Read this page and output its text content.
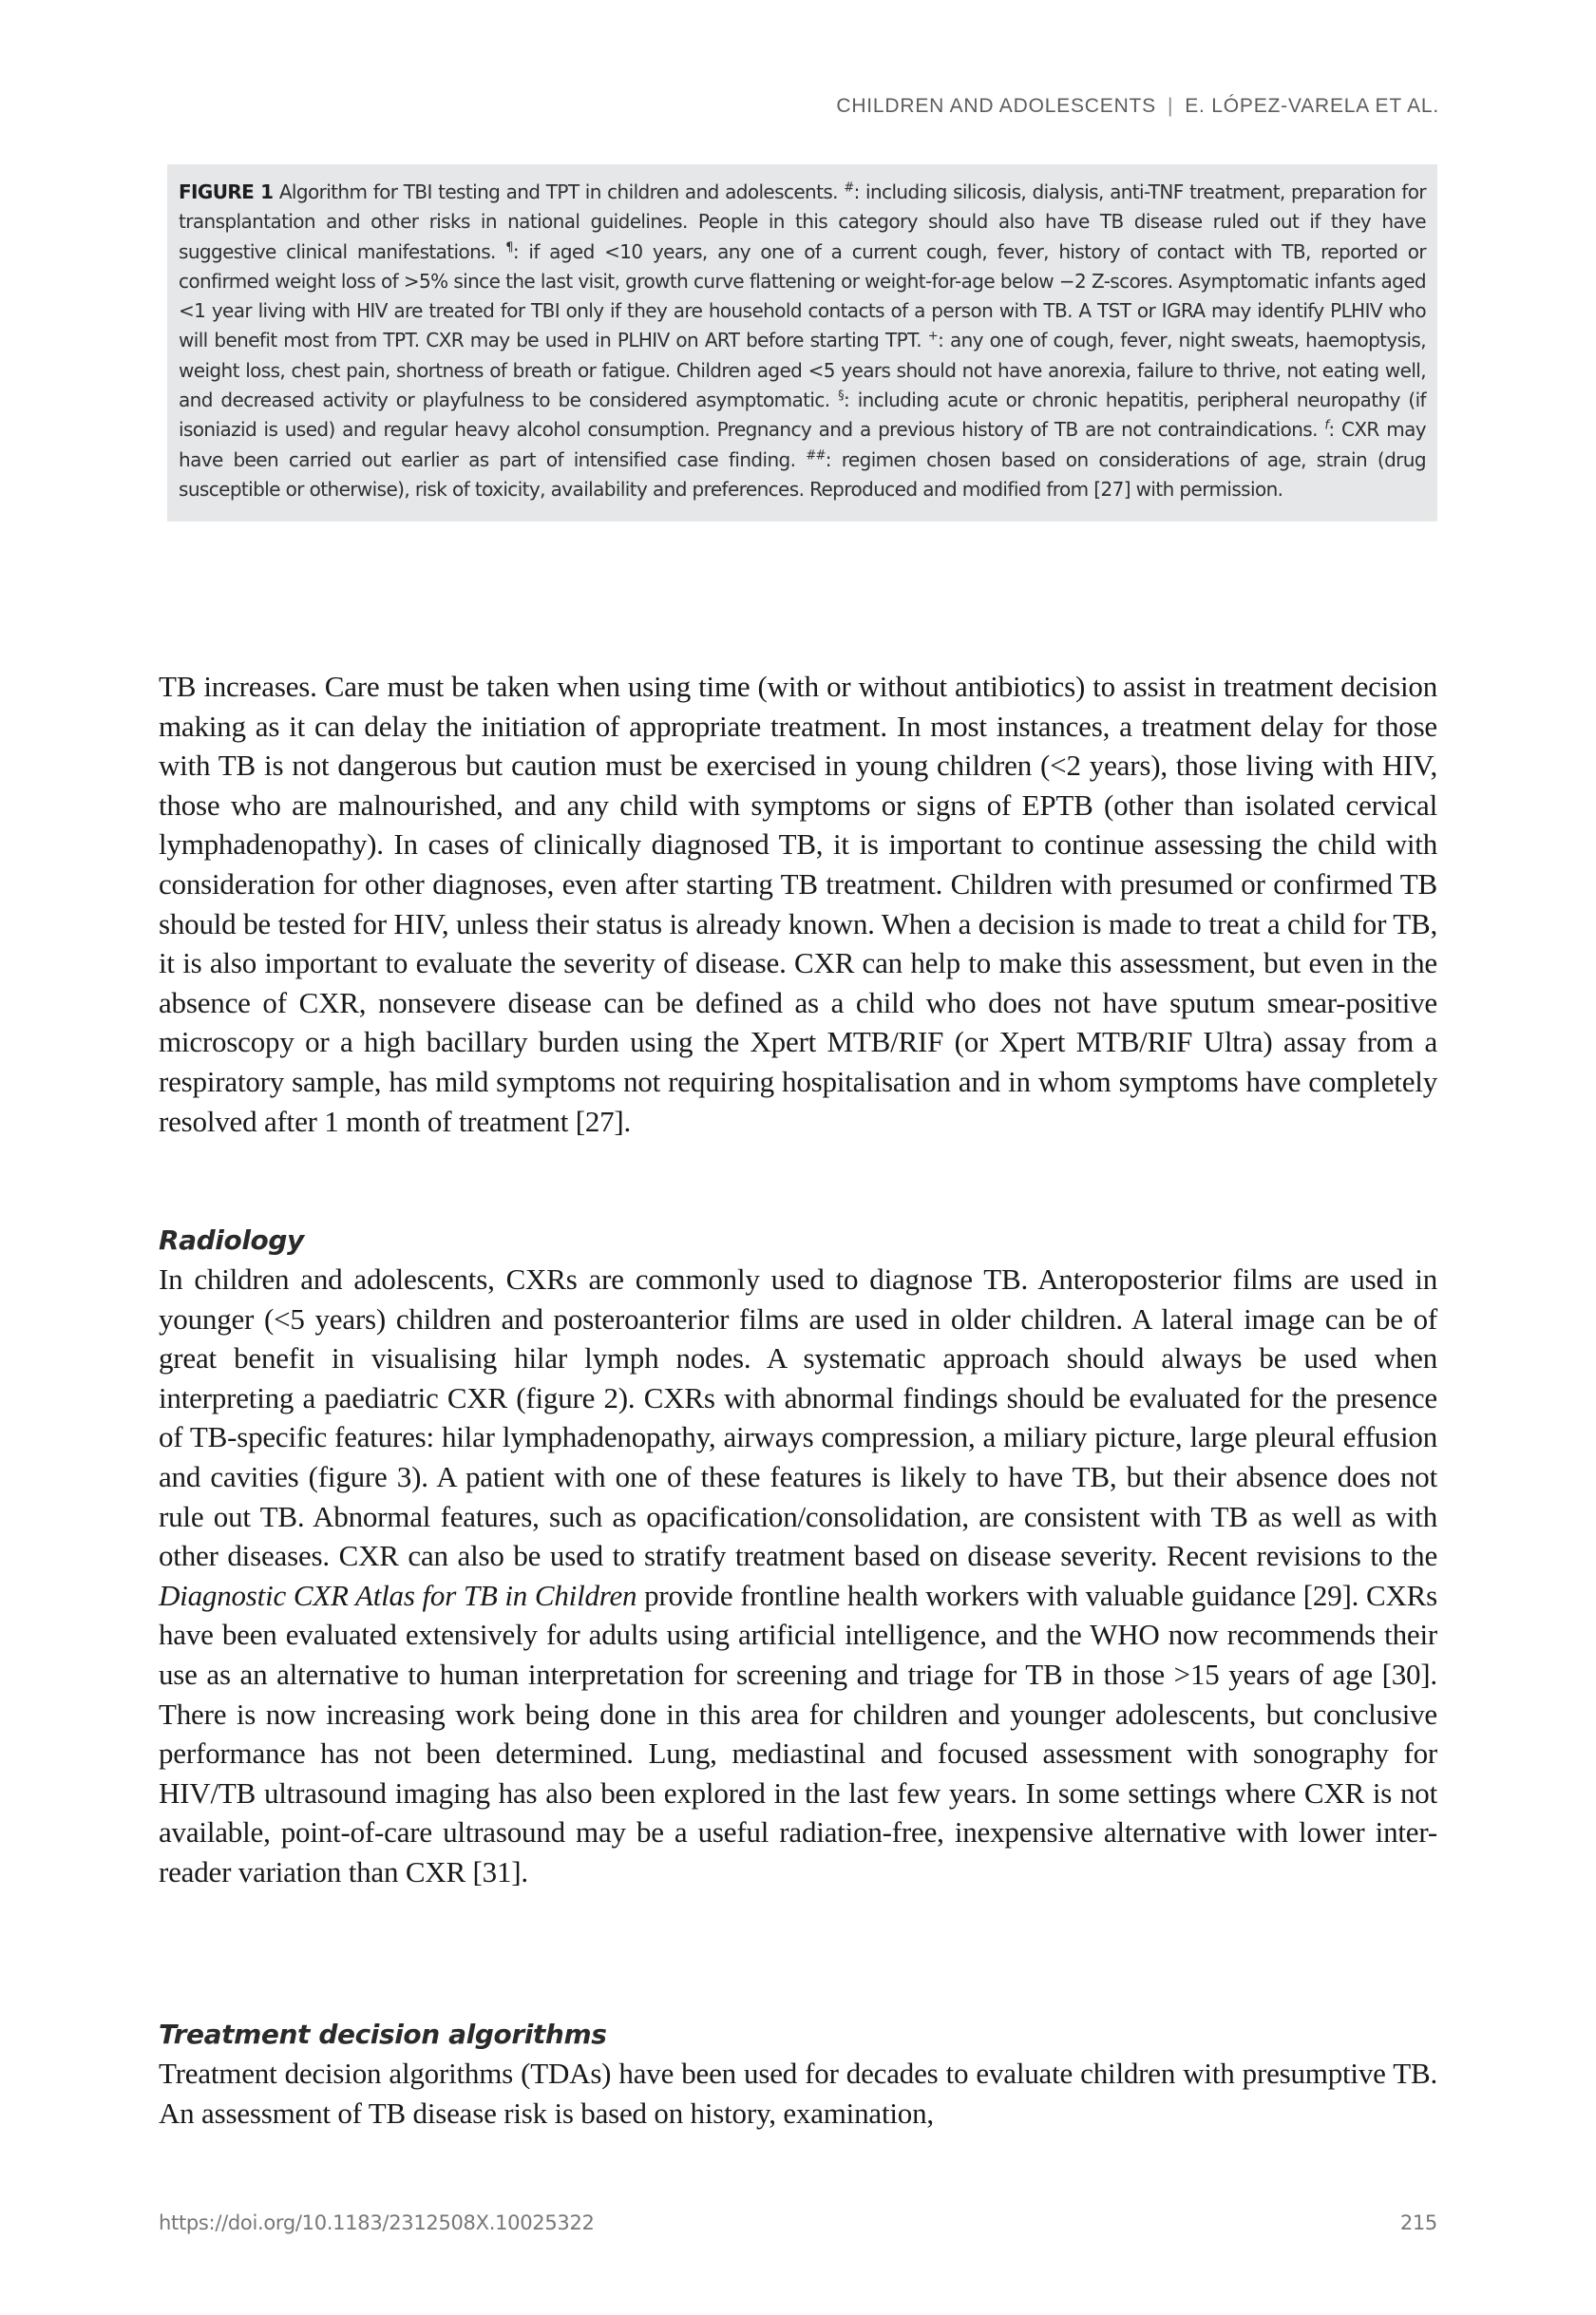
CHILDREN AND ADOLESCENTS | E. LÓPEZ-VARELA ET AL.
FIGURE 1 Algorithm for TBI testing and TPT in children and adolescents. #: including silicosis, dialysis, anti-TNF treatment, preparation for transplantation and other risks in national guidelines. People in this category should also have TB disease ruled out if they have suggestive clinical manifestations. ¶: if aged <10 years, any one of a current cough, fever, history of contact with TB, reported or confirmed weight loss of >5% since the last visit, growth curve flattening or weight-for-age below −2 Z-scores. Asymptomatic infants aged <1 year living with HIV are treated for TBI only if they are household contacts of a person with TB. A TST or IGRA may identify PLHIV who will benefit most from TPT. CXR may be used in PLHIV on ART before starting TPT. +: any one of cough, fever, night sweats, haemoptysis, weight loss, chest pain, shortness of breath or fatigue. Children aged <5 years should not have anorexia, failure to thrive, not eating well, and decreased activity or playfulness to be considered asymptomatic. §: including acute or chronic hepatitis, peripheral neuropathy (if isoniazid is used) and regular heavy alcohol consumption. Pregnancy and a previous history of TB are not contraindications. $^f$: CXR may have been carried out earlier as part of intensified case finding. ##: regimen chosen based on considerations of age, strain (drug susceptible or otherwise), risk of toxicity, availability and preferences. Reproduced and modified from [27] with permission.

TB increases. Care must be taken when using time (with or without antibiotics) to assist in treatment decision making as it can delay the initiation of appropriate treatment. In most instances, a treatment delay for those with TB is not dangerous but caution must be exercised in young children (<2 years), those living with HIV, those who are malnourished, and any child with symptoms or signs of EPTB (other than isolated cervical lymphadenopathy). In cases of clinically diagnosed TB, it is important to continue assessing the child with consideration for other diagnoses, even after starting TB treatment. Children with presumed or confirmed TB should be tested for HIV, unless their status is already known. When a decision is made to treat a child for TB, it is also important to evaluate the severity of disease. CXR can help to make this assessment, but even in the absence of CXR, nonsevere disease can be defined as a child who does not have sputum smear-positive microscopy or a high bacillary burden using the Xpert MTB/RIF (or Xpert MTB/RIF Ultra) assay from a respiratory sample, has mild symptoms not requiring hospitalisation and in whom symptoms have completely resolved after 1 month of treatment [27].

Radiology

In children and adolescents, CXRs are commonly used to diagnose TB. Anteroposterior films are used in younger (<5 years) children and posteroanterior films are used in older children. A lateral image can be of great benefit in visualising hilar lymph nodes. A systematic approach should always be used when interpreting a paediatric CXR (figure 2). CXRs with abnormal findings should be evaluated for the presence of TB-specific features: hilar lymphadenopathy, airways compression, a miliary picture, large pleural effusion and cavities (figure 3). A patient with one of these features is likely to have TB, but their absence does not rule out TB. Abnormal features, such as opacification/consolidation, are consistent with TB as well as with other diseases. CXR can also be used to stratify treatment based on disease severity. Recent revisions to the Diagnostic CXR Atlas for TB in Children provide frontline health workers with valuable guidance [29]. CXRs have been evaluated extensively for adults using artificial intelligence, and the WHO now recommends their use as an alternative to human interpretation for screening and triage for TB in those >15 years of age [30]. There is now increasing work being done in this area for children and younger adolescents, but conclusive performance has not been determined. Lung, mediastinal and focused assessment with sonography for HIV/TB ultrasound imaging has also been explored in the last few years. In some settings where CXR is not available, point-of-care ultrasound may be a useful radiation-free, inexpensive alternative with lower inter-reader variation than CXR [31].

Treatment decision algorithms

Treatment decision algorithms (TDAs) have been used for decades to evaluate children with presumptive TB. An assessment of TB disease risk is based on history, examination,

https://doi.org/10.1183/2312508X.10025322	215
